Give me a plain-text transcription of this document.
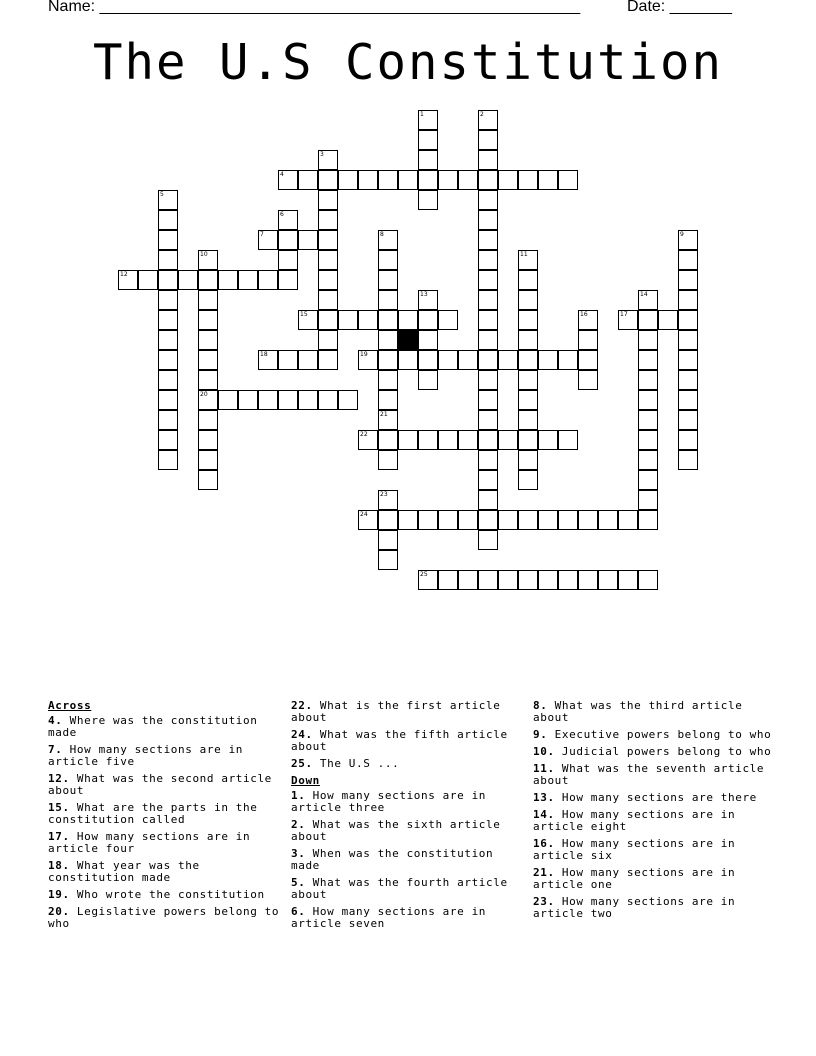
Name: ______________________________________________________	Date: _______
The U.S Constitution
1	2
3
4
5
6
7	8
21
9
10
20
11
12
13	14
15	16	17
18	19
22
23
24
25
Across
4. Where was the constitution made
7. How many sections are in article five
12. What was the second article about
15. What are the parts in the constitution called
17. How many sections are in article four
18. What year was the constitution made
19. Who wrote the constitution
20. Legislative powers belong to who
22. What is the first article about
24. What was the fifth article about
25. The U.S ...
Down
1. How many sections are in article three
2. What was the sixth article about
3. When was the constitution made
5. What was the fourth article about
6. How many sections are in article seven
8. What was the third article about
9. Executive powers belong to who
10. Judicial powers belong to who
11. What was the seventh article about
13. How many sections are there
14. How many sections are in article eight
16. How many sections are in article six
21. How many sections are in article one
23. How many sections are in article two
